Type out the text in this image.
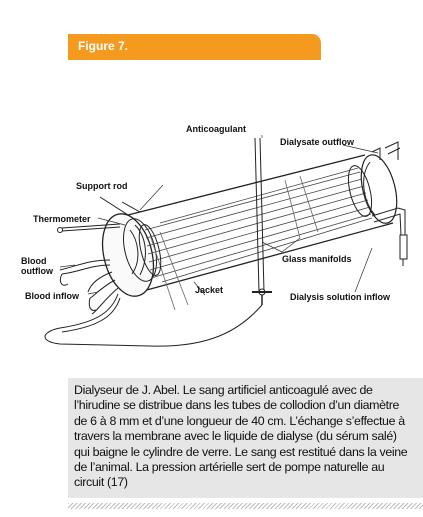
Figure 7.
Anticoagulant
Dialysate outflow
Support rod
Thermometer
Blood
outflow
Blood inflow
Jacket
Glass manifolds
Dialysis solution inflow

Dialyseur de J. Abel. Le sang artificiel anticoagulé avec de l’hirudine se distribue dans les tubes de collodion d’un diamètre de 6 à 8 mm et d’une longueur de 40 cm. L’échange s’effectue à travers la membrane avec le liquide de dialyse (du sérum salé) qui baigne le cylindre de verre. Le sang est restitué dans la veine de l’animal. La pression artérielle sert de pompe naturelle au circuit (17)
